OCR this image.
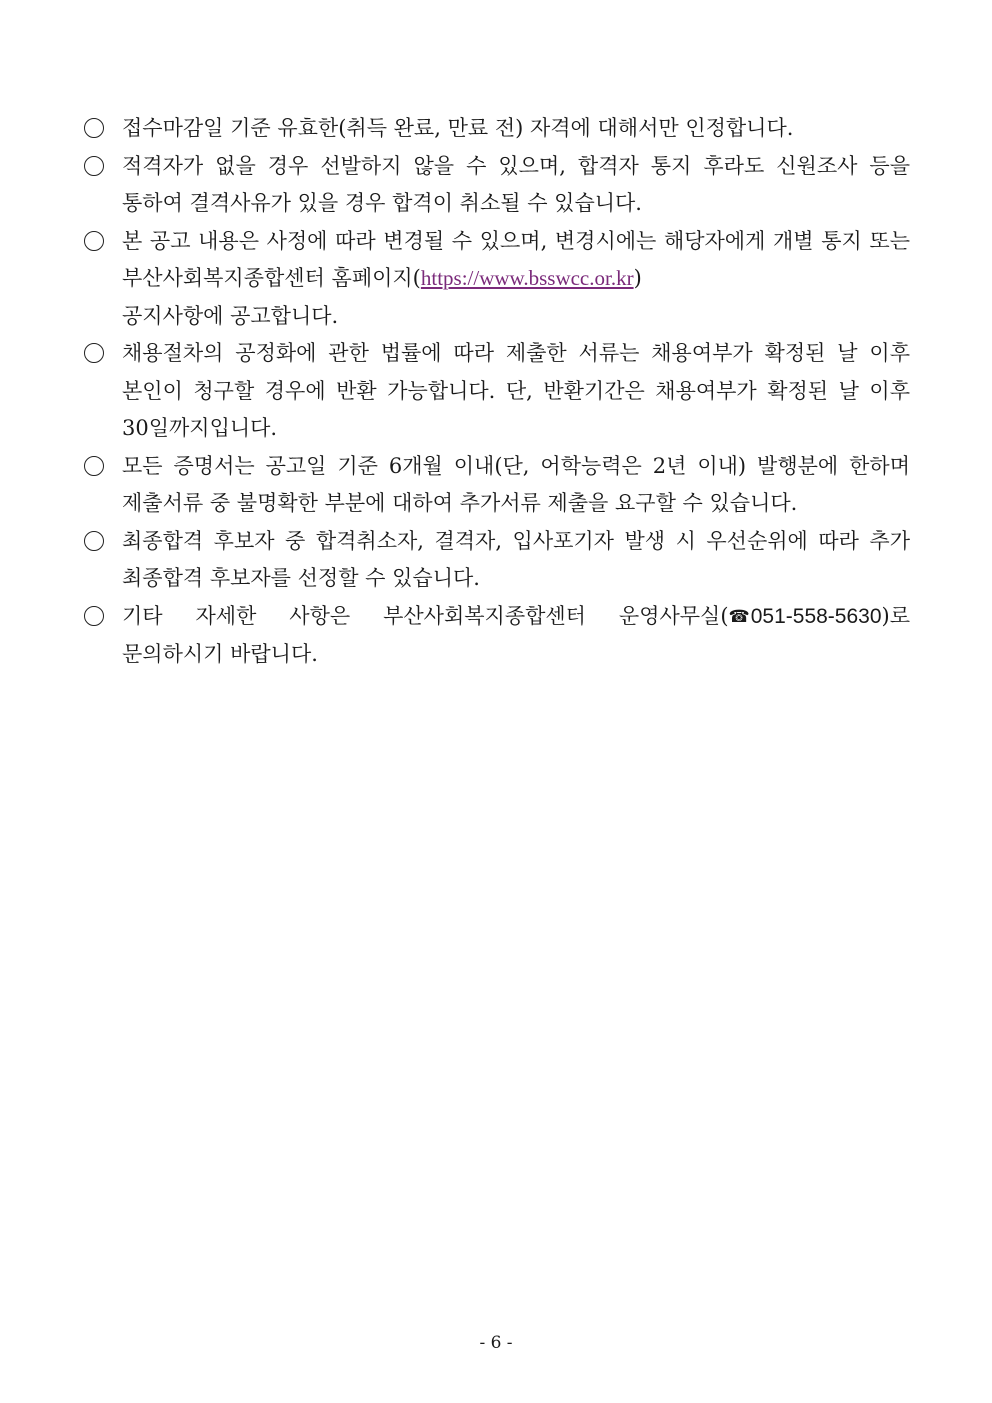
접수마감일 기준 유효한(취득 완료, 만료 전) 자격에 대해서만 인정합니다.
적격자가 없을 경우 선발하지 않을 수 있으며, 합격자 통지 후라도 신원조사 등을 통하여 결격사유가 있을 경우 합격이 취소될 수 있습니다.
본 공고 내용은 사정에 따라 변경될 수 있으며, 변경시에는 해당자에게 개별 통지 또는 부산사회복지종합센터 홈페이지(https://www.bsswcc.or.kr)
공지사항에 공고합니다.
채용절차의 공정화에 관한 법률에 따라 제출한 서류는 채용여부가 확정된 날 이후 본인이 청구할 경우에 반환 가능합니다. 단, 반환기간은 채용여부가 확정된 날 이후 30일까지입니다.
모든 증명서는 공고일 기준 6개월 이내(단, 어학능력은 2년 이내) 발행분에 한하며 제출서류 중 불명확한 부분에 대하여 추가서류 제출을 요구할 수 있습니다.
최종합격 후보자 중 합격취소자, 결격자, 입사포기자 발생 시 우선순위에 따라 추가 최종합격 후보자를 선정할 수 있습니다.
기타 자세한 사항은 부산사회복지종합센터 운영사무실(☎051-558-5630)로 문의하시기 바랍니다.
- 6 -
